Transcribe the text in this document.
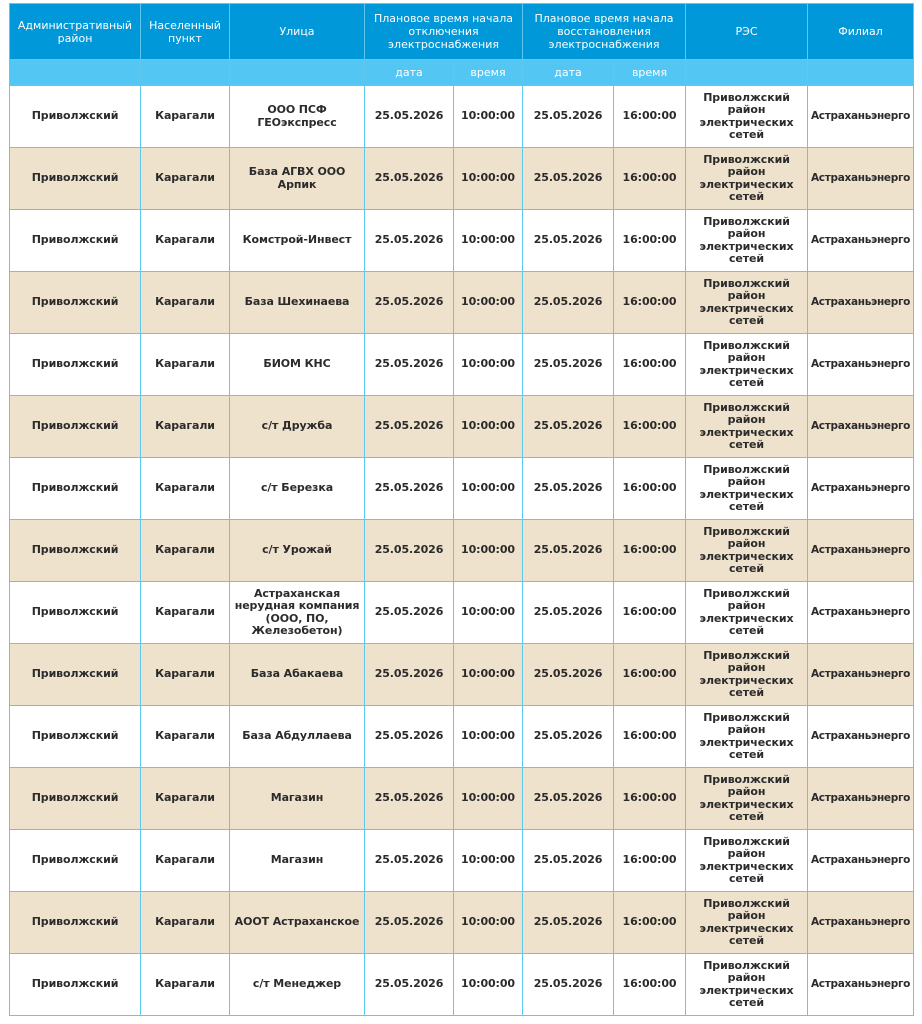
Административный район	Населенный пункт	Улица	Плановое время начала отключения электроснабжения		Плановое время начала восстановления электроснабжения		РЭС	Филиал
			дата	время	дата	время		
Приволжский	Карагали	ООО ПСФ ГЕОэкспресс	25.05.2026	10:00:00	25.05.2026	16:00:00	Приволжский район электрических сетей	Астраханьэнерго
Приволжский	Карагали	База АГВХ ООО Арпик	25.05.2026	10:00:00	25.05.2026	16:00:00	Приволжский район электрических сетей	Астраханьэнерго
Приволжский	Карагали	Комстрой-Инвест	25.05.2026	10:00:00	25.05.2026	16:00:00	Приволжский район электрических сетей	Астраханьэнерго
Приволжский	Карагали	База Шехинаева	25.05.2026	10:00:00	25.05.2026	16:00:00	Приволжский район электрических сетей	Астраханьэнерго
Приволжский	Карагали	БИОМ КНС	25.05.2026	10:00:00	25.05.2026	16:00:00	Приволжский район электрических сетей	Астраханьэнерго
Приволжский	Карагали	с/т Дружба	25.05.2026	10:00:00	25.05.2026	16:00:00	Приволжский район электрических сетей	Астраханьэнерго
Приволжский	Карагали	с/т Березка	25.05.2026	10:00:00	25.05.2026	16:00:00	Приволжский район электрических сетей	Астраханьэнерго
Приволжский	Карагали	с/т Урожай	25.05.2026	10:00:00	25.05.2026	16:00:00	Приволжский район электрических сетей	Астраханьэнерго
Приволжский	Карагали	Астраханская нерудная компания (ООО, ПО, Железобетон)	25.05.2026	10:00:00	25.05.2026	16:00:00	Приволжский район электрических сетей	Астраханьэнерго
Приволжский	Карагали	База Абакаева	25.05.2026	10:00:00	25.05.2026	16:00:00	Приволжский район электрических сетей	Астраханьэнерго
Приволжский	Карагали	База Абдуллаева	25.05.2026	10:00:00	25.05.2026	16:00:00	Приволжский район электрических сетей	Астраханьэнерго
Приволжский	Карагали	Магазин	25.05.2026	10:00:00	25.05.2026	16:00:00	Приволжский район электрических сетей	Астраханьэнерго
Приволжский	Карагали	Магазин	25.05.2026	10:00:00	25.05.2026	16:00:00	Приволжский район электрических сетей	Астраханьэнерго
Приволжский	Карагали	АООТ Астраханское	25.05.2026	10:00:00	25.05.2026	16:00:00	Приволжский район электрических сетей	Астраханьэнерго
Приволжский	Карагали	с/т Менеджер	25.05.2026	10:00:00	25.05.2026	16:00:00	Приволжский район электрических сетей	Астраханьэнерго
